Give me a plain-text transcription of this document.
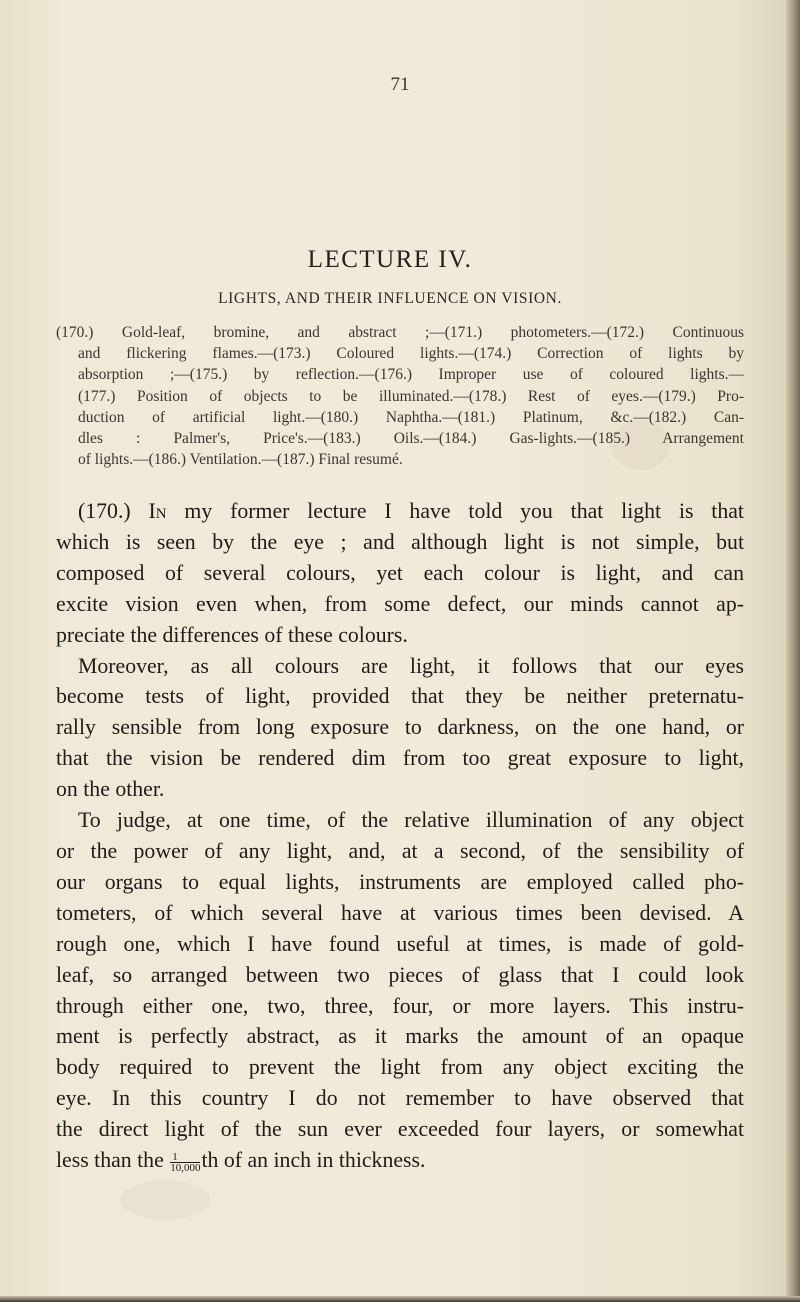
71
LECTURE IV.
LIGHTS, AND THEIR INFLUENCE ON VISION.
(170.) Gold-leaf, bromine, and abstract ;—(171.) photometers.—(172.) Continuous
and flickering flames.—(173.) Coloured lights.—(174.) Correction of lights by
absorption ;—(175.) by reflection.—(176.) Improper use of coloured lights.—
(177.) Position of objects to be illuminated.—(178.) Rest of eyes.—(179.) Pro-
duction of artificial light.—(180.) Naphtha.—(181.) Platinum, &c.—(182.) Can-
dles : Palmer's, Price's.—(183.) Oils.—(184.) Gas-lights.—(185.) Arrangement
of lights.—(186.) Ventilation.—(187.) Final resumé.
(170.) In my former lecture I have told you that light is that
which is seen by the eye ; and although light is not simple, but
composed of several colours, yet each colour is light, and can
excite vision even when, from some defect, our minds cannot ap-
preciate the differences of these colours.
Moreover, as all colours are light, it follows that our eyes
become tests of light, provided that they be neither preternatu-
rally sensible from long exposure to darkness, on the one hand, or
that the vision be rendered dim from too great exposure to light,
on the other.
To judge, at one time, of the relative illumination of any object
or the power of any light, and, at a second, of the sensibility of
our organs to equal lights, instruments are employed called pho-
tometers, of which several have at various times been devised. A
rough one, which I have found useful at times, is made of gold-
leaf, so arranged between two pieces of glass that I could look
through either one, two, three, four, or more layers. This instru-
ment is perfectly abstract, as it marks the amount of an opaque
body required to prevent the light from any object exciting the
eye. In this country I do not remember to have observed that
the direct light of the sun ever exceeded four layers, or somewhat
less than the $\frac{1}{10,000}$ th of an inch in thickness.
